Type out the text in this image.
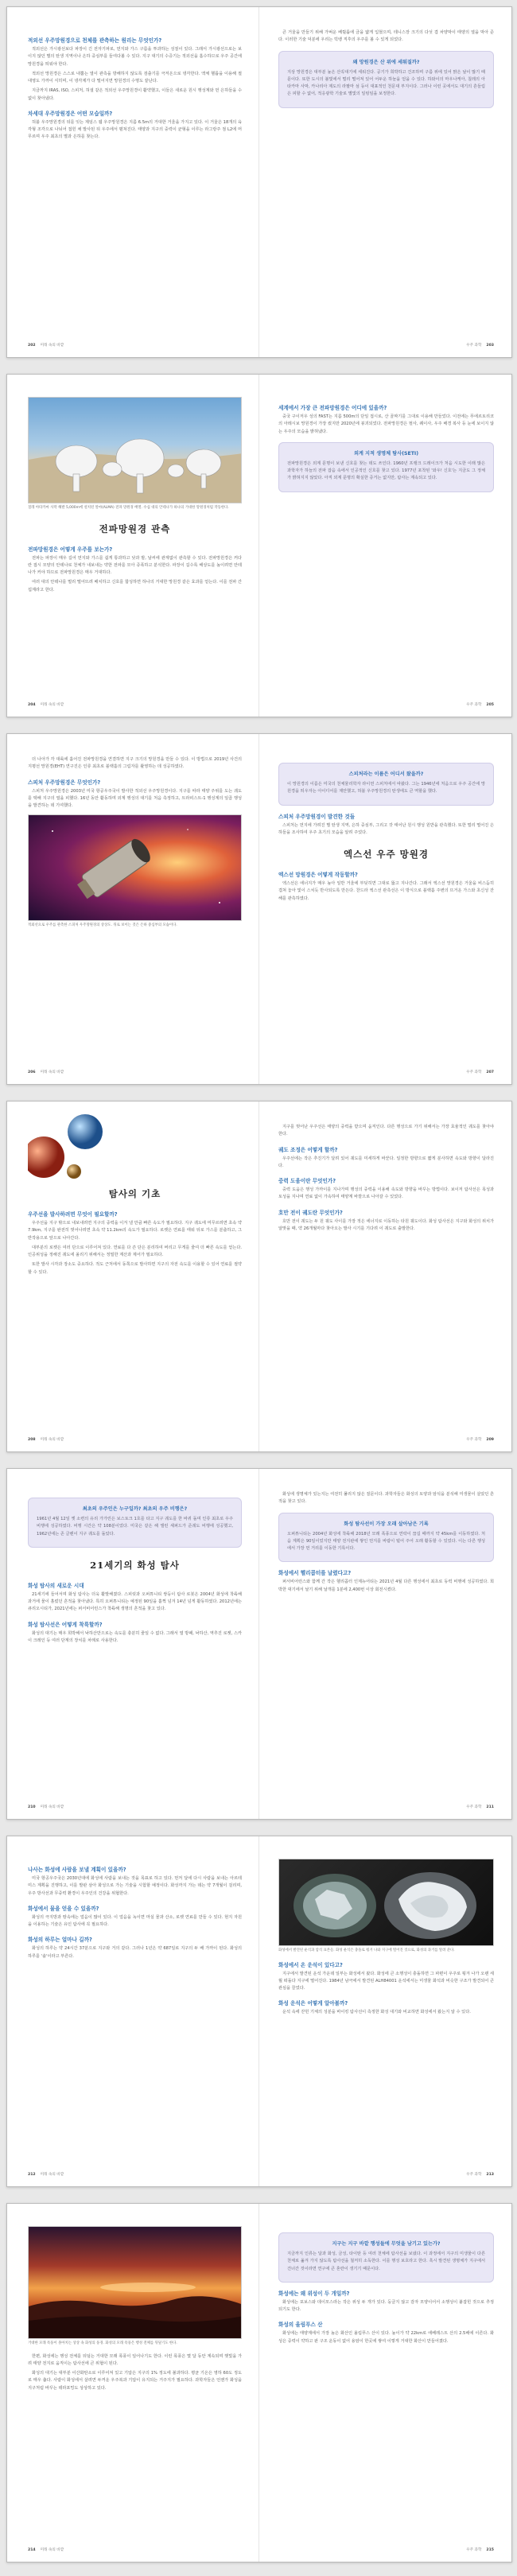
적외선 우주망원경으로 천체를 관측하는 원리는 무엇인가?
적외선은 가시광선보다 파장이 긴 전자기파로, 먼지와 가스 구름을 투과하는 성질이 있다. 그래서 가시광선으로는 보이지 않던 별의 탄생 지역이나 은하 중심부를 들여다볼 수 있다. 지구 대기의 수증기는 적외선을 흡수하므로 우주 공간에 망원경을 띄워야 한다.
적외선 망원경은 스스로 내뿜는 열이 관측을 방해하지 않도록 검출기를 극저온으로 냉각한다. 액체 헬륨을 이용해 절대영도 가까이 식히며, 이 냉각제가 다 떨어지면 망원경의 수명도 끝난다.
지금까지 IRAS, ISO, 스피처, 허셜 같은 적외선 우주망원경이 활약했고, 이들은 새로운 원시 행성계와 먼 은하들을 수없이 찾아냈다.
차세대 우주망원경은 어떤 모습일까?
허블 우주망원경의 뒤를 잇는 제임스 웹 우주망원경은 지름 6.5m의 거대한 거울을 가지고 있다. 이 거울은 18개의 육각형 조각으로 나뉘어 접힌 채 발사된 뒤 우주에서 펼쳐진다. 태양과 지구의 중력이 균형을 이루는 라그랑주 점 L2에 머무르며 우주 최초의 별과 은하를 찾는다.
큰 거울을 만들기 위해 가벼운 베릴륨에 금을 얇게 입혔으며, 테니스장 크기의 다섯 겹 차양막이 태양의 열을 막아 준다. 이러한 기술 덕분에 우리는 빅뱅 직후의 우주를 볼 수 있게 되었다.
왜 망원경은 산 위에 세워질까?
지상 망원경은 대부분 높은 산꼭대기에 세워진다. 공기가 희박하고 건조하며 구름 위에 있어 맑은 날이 많기 때문이다. 또한 도시의 불빛에서 멀리 떨어져 있어 어두운 하늘을 얻을 수 있다. 하와이의 마우나케아, 칠레의 아타카마 사막, 카나리아 제도의 라팔마 섬 등이 대표적인 천문대 부지이다. 그러나 이런 곳에서도 대기의 흔들림은 피할 수 없어, 적응광학 기술로 별빛의 일렁임을 보정한다.
202 미래 속의 바깥	우주 과학 203
칠레 아타카마 사막 해발 5,000m에 설치된 알마(ALMA) 전파 망원경 배열. 수십 대의 안테나가 하나의 거대한 망원경처럼 작동한다.
전파망원경 관측
전파망원경은 어떻게 우주를 보는가?
전파는 파장이 매우 길어 먼지와 가스를 쉽게 통과하고 낮과 밤, 날씨에 관계없이 관측할 수 있다. 전파망원경은 커다란 접시 모양의 안테나로 천체가 내보내는 약한 전파를 모아 증폭하고 분석한다. 파장이 길수록 해상도를 높이려면 안테나가 커야 하므로 전파망원경은 매우 거대하다.
여러 대의 안테나를 멀리 떨어뜨려 배치하고 신호를 합성하면 하나의 거대한 망원경 같은 효과를 얻는다. 이를 전파 간섭계라고 한다.
세계에서 가장 큰 전파망원경은 어디에 있을까?
중국 구이저우 성의 FAST는 지름 500m의 단일 접시로, 산 골짜기를 그대로 이용해 만들었다. 이전에는 푸에르토리코의 아레시보 망원경이 가장 컸지만 2020년에 붕괴되었다. 전파망원경은 펄사, 퀘이사, 우주 배경 복사 등 눈에 보이지 않는 우주의 모습을 밝혀냈다.
외계 지적 생명체 탐사(SETI)
전파망원경은 외계 문명이 보낸 신호를 찾는 데도 쓰인다. 1960년 프랭크 드레이크가 처음 시도한 이래 많은 과학자가 하늘의 전파 잡음 속에서 인공적인 신호를 찾고 있다. 1977년 포착된 '와우! 신호'는 지금도 그 정체가 밝혀지지 않았다. 아직 외계 문명의 확실한 증거는 없지만, 탐사는 계속되고 있다.
204 미래 속의 바깥	우주 과학 205
더 나아가 각 대륙에 흩어진 전파망원경을 연결하면 지구 크기의 망원경을 만들 수 있다. 이 방법으로 2019년 사건의 지평선 망원경(EHT) 연구진은 인류 최초로 블랙홀의 그림자를 촬영하는 데 성공하였다.
스피처 우주망원경은 무엇인가?
스피처 우주망원경은 2003년 미국 항공우주국이 발사한 적외선 우주망원경이다. 지구를 따라 태양 주위를 도는 궤도를 택해 지구의 열을 피했다. 16년 동안 활동하며 외계 행성의 대기를 처음 측정하고, 트라피스트-1 행성계의 일곱 행성을 발견하는 데 기여했다.
적외선으로 우주를 관측한 스피처 우주망원경의 상상도. 뒤로 보이는 것은 은하 중심부의 모습이다.
스피처라는 이름은 어디서 왔을까?
이 망원경의 이름은 미국의 천체물리학자 라이먼 스피처에서 따왔다. 그는 1946년에 처음으로 우주 공간에 망원경을 띄우자는 아이디어를 제안했고, 허블 우주망원경의 탄생에도 큰 역할을 했다.
스피처 우주망원경이 발견한 것들
스피처는 먼지에 가려진 별 탄생 지역, 은하 중심부, 그리고 갓 태어난 원시 행성 원반을 관측했다. 또한 멀리 떨어진 은하들을 조사하여 우주 초기의 모습을 알려 주었다.
엑스선 우주 망원경
엑스선 망원경은 어떻게 작동할까?
엑스선은 에너지가 매우 높아 일반 거울에 부딪히면 그대로 뚫고 지나간다. 그래서 엑스선 망원경은 거울을 비스듬히 겹쳐 놓아 빛이 스치듯 반사되도록 만든다. 찬드라 엑스선 관측선은 이 방식으로 블랙홀 주변의 뜨거운 가스와 초신성 잔해를 관측하였다.
206 미래 속의 바깥	우주 과학 207
탐사의 기초
우주선을 발사하려면 무엇이 필요할까?
우주선을 지구 밖으로 내보내려면 지구의 중력을 이겨 낼 만큼 빠른 속도가 필요하다. 지구 궤도에 머무르려면 초속 약 7.9km, 지구를 완전히 벗어나려면 초속 약 11.2km의 속도가 필요하다. 로켓은 연료를 태워 뒤로 가스를 분출하고, 그 반작용으로 앞으로 나아간다.
대부분의 로켓은 여러 단으로 이루어져 있다. 연료를 다 쓴 단은 분리하여 버리고 무게를 줄여 더 빠른 속도를 얻는다. 인공위성을 정해진 궤도에 올리기 위해서는 정밀한 계산과 제어가 필요하다.
또한 발사 시각과 장소도 중요하다. 적도 근처에서 동쪽으로 발사하면 지구의 자전 속도를 이용할 수 있어 연료를 절약할 수 있다.
지구를 벗어난 우주선은 태양의 중력을 받으며 움직인다. 다른 행성으로 가기 위해서는 가장 효율적인 궤도를 찾아야 한다.
궤도 조정은 어떻게 할까?
우주선에는 작은 추진기가 달려 있어 궤도를 미세하게 바꾼다. 일정한 방향으로 짧게 분사하면 속도와 방향이 달라진다.
중력 도움이란 무엇인가?
중력 도움은 행성 가까이를 지나가며 행성의 중력을 이용해 속도와 방향을 바꾸는 방법이다. 보이저 탐사선은 목성과 토성을 지나며 연료 없이 가속하여 태양계 바깥으로 나아갈 수 있었다.
호만 전이 궤도란 무엇인가?
호만 전이 궤도는 두 원 궤도 사이를 가장 적은 에너지로 이동하는 타원 궤도이다. 화성 탐사선은 지구와 화성의 위치가 알맞을 때, 약 26개월마다 찾아오는 발사 시기를 기다려 이 궤도로 출발한다.
208 미래 속의 바깥	우주 과학 209
최초의 우주인은 누구일까? 최초의 우주 비행은?
1961년 4월 12일 옛 소련의 유리 가가린은 보스토크 1호를 타고 지구 궤도를 한 바퀴 돌며 인류 최초로 우주 비행에 성공하였다. 비행 시간은 약 108분이었다. 미국은 같은 해 앨런 셰퍼드가 준궤도 비행에 성공했고, 1962년에는 존 글렌이 지구 궤도를 돌았다.
21세기의 화성 탐사
화성 탐사의 새로운 시대
21세기에 들어서며 화성 탐사는 더욱 활발해졌다. 스피릿과 오퍼튜니티 쌍둥이 탐사 로봇은 2004년 화성에 착륙해 과거에 물이 흘렀던 흔적을 찾아냈다. 특히 오퍼튜니티는 예정된 90일을 훌쩍 넘겨 14년 넘게 활동하였다. 2012년에는 큐리오시티가, 2021년에는 퍼서비어런스가 착륙해 생명의 흔적을 찾고 있다.
화성 탐사선은 어떻게 착륙할까?
화성의 대기는 매우 희박해서 낙하산만으로는 속도를 충분히 줄일 수 없다. 그래서 열 방패, 낙하산, 역추진 로켓, 스카이 크레인 등 여러 단계의 장치를 차례로 사용한다.
화성에 생명체가 있는지는 여전히 풀리지 않은 질문이다. 과학자들은 화성의 토양과 암석을 분석해 미생물이 살았던 흔적을 찾고 있다.
화성 탐사선이 가장 오래 살아남은 기록
오퍼튜니티는 2004년 화성에 착륙해 2018년 모래 폭풍으로 연락이 끊길 때까지 약 45km를 이동하였다. 처음 계획은 90일이었지만 태양 전지판에 쌓인 먼지를 바람이 털어 주어 오래 활동할 수 있었다. 이는 다른 행성에서 가장 먼 거리를 이동한 기록이다.
화성에서 헬리콥터를 날렸다고?
퍼서비어런스와 함께 간 작은 헬리콥터 인제뉴어티는 2021년 4월 다른 행성에서 최초로 동력 비행에 성공하였다. 희박한 대기에서 날기 위해 날개를 1분에 2,400번 이상 회전시켰다.
210 미래 속의 바깥	우주 과학 211
나사는 화성에 사람을 보낼 계획이 있을까?
미국 항공우주국은 2030년대에 화성에 사람을 보내는 것을 목표로 하고 있다. 먼저 달에 다시 사람을 보내는 아르테미스 계획을 진행하고, 이를 발판 삼아 화성으로 가는 기술을 시험할 예정이다. 화성까지 가는 데는 약 7개월이 걸리며, 우주 방사선과 무중력 환경이 우주인의 건강을 위협한다.
화성에서 물을 얻을 수 있을까?
화성의 극지방과 땅속에는 얼음이 많이 있다. 이 얼음을 녹이면 마실 물과 산소, 로켓 연료를 만들 수 있다. 현지 자원을 이용하는 기술은 유인 탐사에 꼭 필요하다.
화성의 하루는 얼마나 길까?
화성의 하루는 약 24시간 37분으로 지구와 거의 같다. 그러나 1년은 약 687일로 지구의 두 배 가까이 된다. 화성의 하루를 '솔'이라고 부른다.
화성에서 발견된 운석과 암석 표본들. 화성 운석은 충돌로 튕겨 나와 지구에 떨어진 것으로, 화성의 과거를 알려 준다.
화성에서 온 운석이 있다고?
지구에서 발견된 운석 가운데 일부는 화성에서 왔다. 화성에 큰 소행성이 충돌하면 그 파편이 우주로 튕겨 나가 오랜 세월 떠돌다 지구에 떨어진다. 1984년 남극에서 발견된 ALH84001 운석에서는 미생물 화석과 비슷한 구조가 발견되어 큰 관심을 끌었다.
화성 운석은 어떻게 알아볼까?
운석 속에 갇힌 기체의 성분을 바이킹 탐사선이 측정한 화성 대기와 비교하면 화성에서 왔는지 알 수 있다.
212 미래 속의 바깥	우주 과학 213
거대한 모래 폭풍이 몰아치는 상상 속 화성의 풍경. 화성의 모래 폭풍은 행성 전체를 뒤덮기도 한다.
한편, 화성에는 행성 전체를 뒤덮는 거대한 모래 폭풍이 일어나기도 한다. 이런 폭풍은 몇 달 동안 계속되며 햇빛을 가려 태양 전지로 움직이는 탐사선에 큰 위협이 된다.
화성의 대기는 대부분 이산화탄소로 이루어져 있고 기압은 지구의 1% 정도에 불과하다. 평균 기온은 영하 60도 정도로 매우 춥다. 사람이 화성에서 살려면 두꺼운 우주복과 기압이 유지되는 거주지가 필요하다. 과학자들은 언젠가 화성을 지구처럼 바꾸는 테라포밍도 상상하고 있다.
지구는 지구 바깥 행성들에 무엇을 남기고 있는가?
지금까지 인류는 달과 화성, 금성, 타이탄 등 여러 천체에 탐사선을 보냈다. 이 과정에서 지구의 미생물이 다른 천체로 옮겨 가지 않도록 탐사선을 철저히 소독한다. 이를 행성 보호라고 한다. 혹시 발견된 생명체가 지구에서 건너간 것이라면 연구에 큰 혼란이 생기기 때문이다.
화성에는 왜 위성이 두 개일까?
화성에는 포보스와 데이모스라는 작은 위성 두 개가 있다. 둥글지 않고 감자 모양이어서 소행성이 붙잡힌 것으로 추정되기도 한다.
화성의 올림푸스 산
화성에는 태양계에서 가장 높은 화산인 올림푸스 산이 있다. 높이가 약 22km로 에베레스트 산의 2.5배에 이른다. 화성은 중력이 약하고 판 구조 운동이 없어 용암이 한곳에 쌓여 이렇게 거대한 화산이 만들어졌다.
214 미래 속의 바깥	우주 과학 215
